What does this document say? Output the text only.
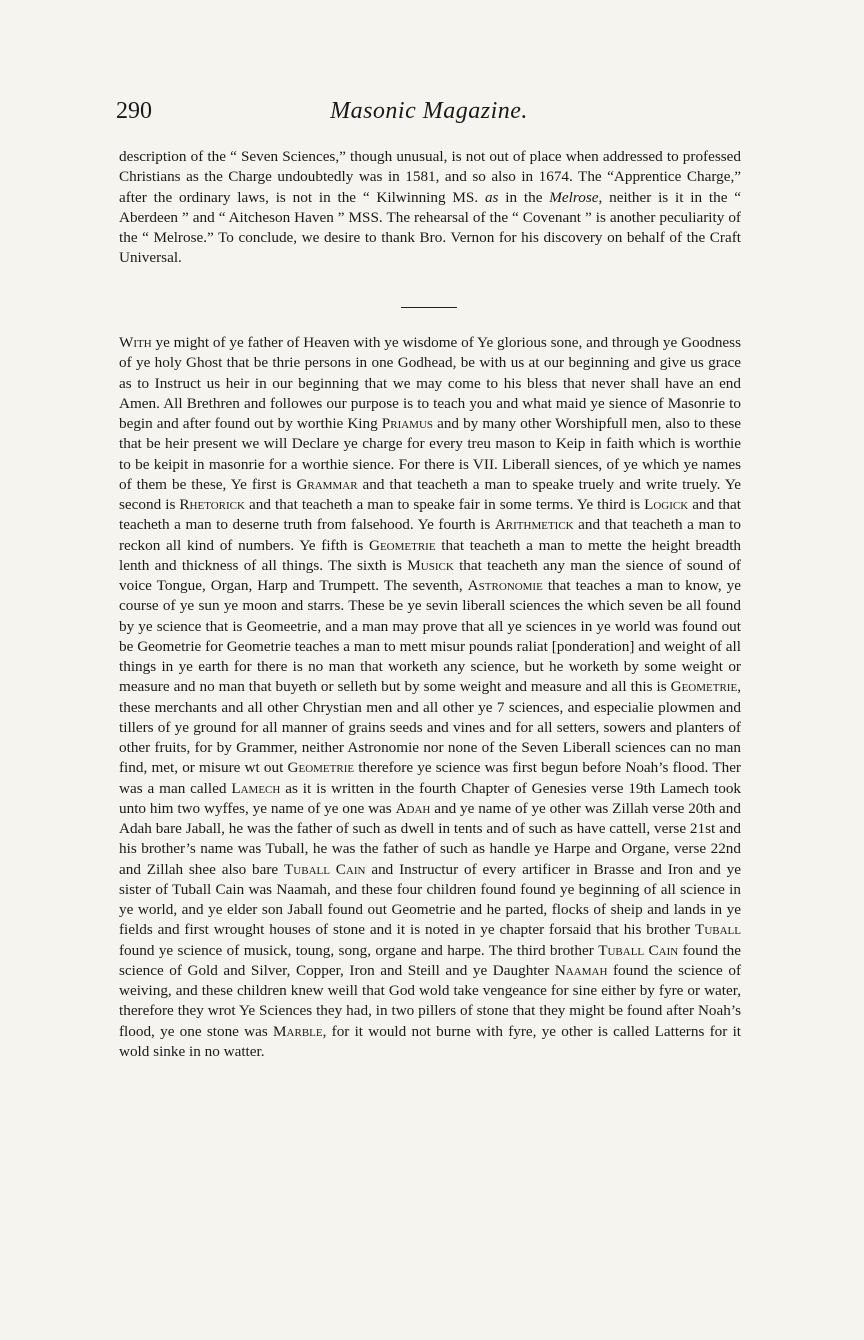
290	Masonic Magazine.

description of the “ Seven Sciences,” though unusual, is not out of place when addressed to professed Christians as the Charge undoubtedly was in 1581, and so also in 1674. The “Apprentice Charge,” after the ordinary laws, is not in the “ Kilwinning MS. as in the Melrose, neither is it in the “ Aberdeen ” and “ Aitcheson Haven ” MSS. The rehearsal of the “ Covenant ” is another peculiarity of the “ Melrose.” To conclude, we desire to thank Bro. Vernon for his discovery on behalf of the Craft Universal.

With ye might of ye father of Heaven with ye wisdome of Ye glorious sone, and through ye Goodness of ye holy Ghost that be thrie persons in one Godhead, be with us at our beginning and give us grace as to Instruct us heir in our beginning that we may come to his bless that never shall have an end Amen. All Brethren and followes our purpose is to teach you and what maid ye sience of Masonrie to begin and after found out by worthie King Priamus and by many other Worshipfull men, also to these that be heir present we will Declare ye charge for every treu mason to Keip in faith which is worthie to be keipit in masonrie for a worthie sience. For there is VII. Liberall siences, of ye which ye names of them be these, Ye first is Grammar and that teacheth a man to speake truely and write truely. Ye second is Rhetorick and that teacheth a man to speake fair in some terms. Ye third is Logick and that teacheth a man to deserne truth from falsehood. Ye fourth is Arithmetick and that teacheth a man to reckon all kind of numbers. Ye fifth is Geometrie that teacheth a man to mette the height breadth lenth and thickness of all things. The sixth is Musick that teacheth any man the sience of sound of voice Tongue, Organ, Harp and Trumpett. The seventh, Astronomie that teaches a man to know, ye course of ye sun ye moon and starrs. These be ye sevin liberall sciences the which seven be all found by ye science that is Geomeetrie, and a man may prove that all ye sciences in ye world was found out be Geometrie for Geometrie teaches a man to mett misur pounds raliat [ponderation] and weight of all things in ye earth for there is no man that worketh any science, but he worketh by some weight or measure and no man that buyeth or selleth but by some weight and measure and all this is Geometrie, these merchants and all other Chrystian men and all other ye 7 sciences, and especialie plowmen and tillers of ye ground for all manner of grains seeds and vines and for all setters, sowers and planters of other fruits, for by Grammer, neither Astronomie nor none of the Seven Liberall sciences can no man find, met, or misure wt out Geometrie therefore ye science was first begun before Noah’s flood. Ther was a man called Lamech as it is written in the fourth Chapter of Genesies verse 19th Lamech took unto him two wyffes, ye name of ye one was Adah and ye name of ye other was Zillah verse 20th and Adah bare Jaball, he was the father of such as dwell in tents and of such as have cattell, verse 21st and his brother’s name was Tuball, he was the father of such as handle ye Harpe and Organe, verse 22nd and Zillah shee also bare Tuball Cain and Instructur of every artificer in Brasse and Iron and ye sister of Tuball Cain was Naamah, and these four children found found ye beginning of all science in ye world, and ye elder son Jaball found out Geometrie and he parted, flocks of sheip and lands in ye fields and first wrought houses of stone and it is noted in ye chapter forsaid that his brother Tuball found ye science of musick, toung, song, organe and harpe. The third brother Tuball Cain found the science of Gold and Silver, Copper, Iron and Steill and ye Daughter Naamah found the science of weiving, and these children knew weill that God wold take vengeance for sine either by fyre or water, therefore they wrot Ye Sciences they had, in two pillers of stone that they might be found after Noah’s flood, ye one stone was Marble, for it would not burne with fyre, ye other is called Latterns for it wold sinke in no watter.
